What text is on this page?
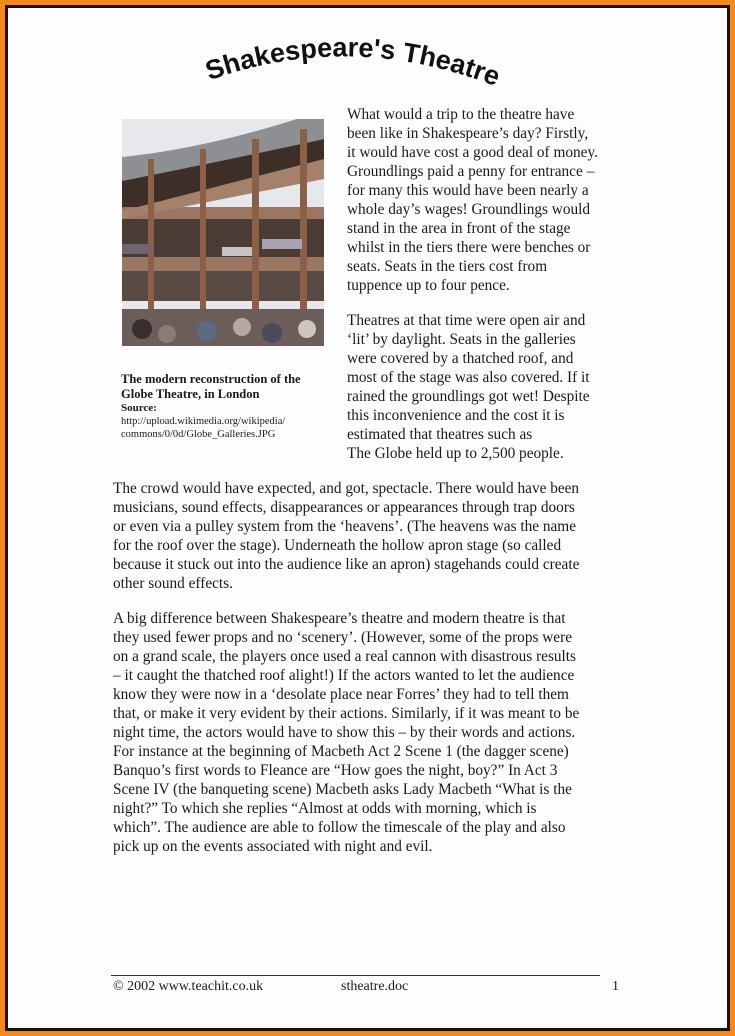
Shakespeare's Theatre
The modern reconstruction of the
Globe Theatre, in London
Source:
http://upload.wikimedia.org/wikipedia/
commons/0/0d/Globe_Galleries.JPG
What would a trip to the theatre have
been like in Shakespeare’s day? Firstly,
it would have cost a good deal of money.
Groundlings paid a penny for entrance –
for many this would have been nearly a
whole day’s wages! Groundlings would
stand in the area in front of the stage
whilst in the tiers there were benches or
seats. Seats in the tiers cost from
tuppence up to four pence.
Theatres at that time were open air and
‘lit’ by daylight. Seats in the galleries
were covered by a thatched roof, and
most of the stage was also covered. If it
rained the groundlings got wet! Despite
this inconvenience and the cost it is
estimated that theatres such as
The Globe held up to 2,500 people.
The crowd would have expected, and got, spectacle. There would have been
musicians, sound effects, disappearances or appearances through trap doors
or even via a pulley system from the ‘heavens’. (The heavens was the name
for the roof over the stage). Underneath the hollow apron stage (so called
because it stuck out into the audience like an apron) stagehands could create
other sound effects.
A big difference between Shakespeare’s theatre and modern theatre is that
they used fewer props and no ‘scenery’. (However, some of the props were
on a grand scale, the players once used a real cannon with disastrous results
– it caught the thatched roof alight!) If the actors wanted to let the audience
know they were now in a ‘desolate place near Forres’ they had to tell them
that, or make it very evident by their actions. Similarly, if it was meant to be
night time, the actors would have to show this – by their words and actions.
For instance at the beginning of Macbeth Act 2 Scene 1 (the dagger scene)
Banquo’s first words to Fleance are “How goes the night, boy?” In Act 3
Scene IV (the banqueting scene) Macbeth asks Lady Macbeth “What is the
night?” To which she replies “Almost at odds with morning, which is
which”. The audience are able to follow the timescale of the play and also
pick up on the events associated with night and evil.
© 2002 www.teachit.co.uk	stheatre.doc	1
